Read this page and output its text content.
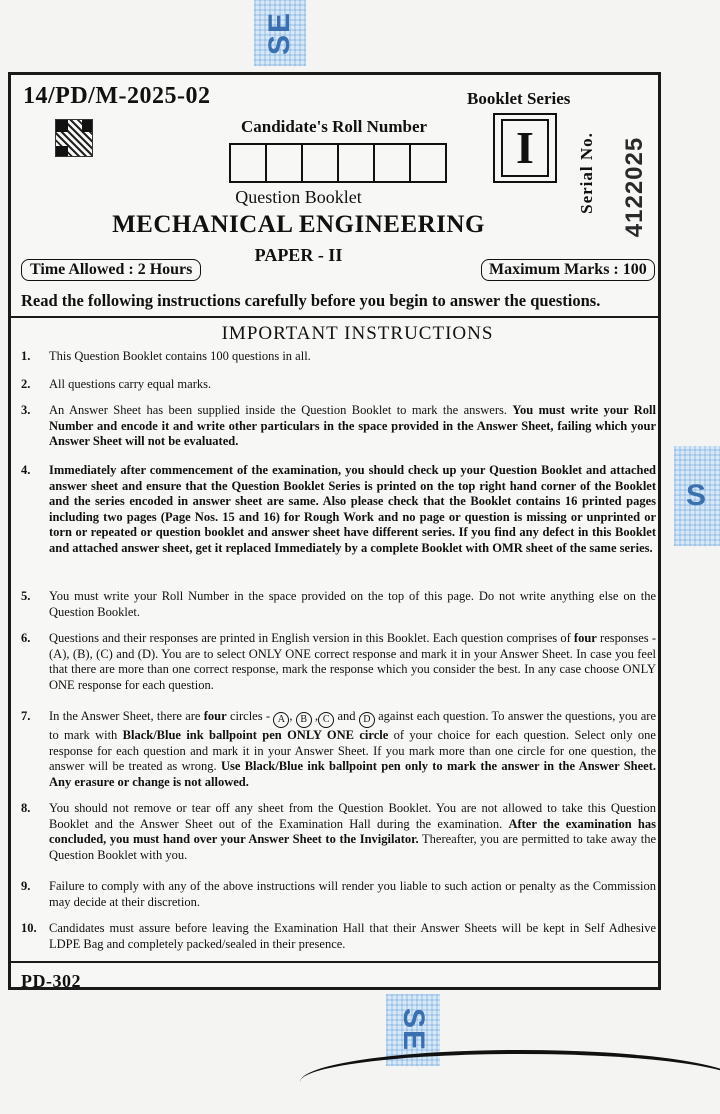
SE
S
SE
14/PD/M-2025-02	Booklet Series
Candidate's Roll Number	I	Serial No. 4122025
Question Booklet
MECHANICAL ENGINEERING
PAPER - II
Time Allowed : 2 Hours	Maximum Marks : 100
Read the following instructions carefully before you begin to answer the questions.
IMPORTANT INSTRUCTIONS
1. This Question Booklet contains 100 questions in all.
2. All questions carry equal marks.
3. An Answer Sheet has been supplied inside the Question Booklet to mark the answers. You must write your Roll Number and encode it and write other particulars in the space provided in the Answer Sheet, failing which your Answer Sheet will not be evaluated.
4. Immediately after commencement of the examination, you should check up your Question Booklet and attached answer sheet and ensure that the Question Booklet Series is printed on the top right hand corner of the Booklet and the series encoded in answer sheet are same. Also please check that the Booklet contains 16 printed pages including two pages (Page Nos. 15 and 16) for Rough Work and no page or question is missing or unprinted or torn or repeated or question booklet and answer sheet have different series. If you find any defect in this Booklet and attached answer sheet, get it replaced Immediately by a complete Booklet with OMR sheet of the same series.
5. You must write your Roll Number in the space provided on the top of this page. Do not write anything else on the Question Booklet.
6. Questions and their responses are printed in English version in this Booklet. Each question comprises of four responses - (A), (B), (C) and (D). You are to select ONLY ONE correct response and mark it in your Answer Sheet. In case you feel that there are more than one correct response, mark the response which you consider the best. In any case choose ONLY ONE response for each question.
7. In the Answer Sheet, there are four circles - A , B , C and D against each question. To answer the questions, you are to mark with Black/Blue ink ballpoint pen ONLY ONE circle of your choice for each question. Select only one response for each question and mark it in your Answer Sheet. If you mark more than one circle for one question, the answer will be treated as wrong. Use Black/Blue ink ballpoint pen only to mark the answer in the Answer Sheet. Any erasure or change is not allowed.
8. You should not remove or tear off any sheet from the Question Booklet. You are not allowed to take this Question Booklet and the Answer Sheet out of the Examination Hall during the examination. After the examination has concluded, you must hand over your Answer Sheet to the Invigilator. Thereafter, you are permitted to take away the Question Booklet with you.
9. Failure to comply with any of the above instructions will render you liable to such action or penalty as the Commission may decide at their discretion.
10. Candidates must assure before leaving the Examination Hall that their Answer Sheets will be kept in Self Adhesive LDPE Bag and completely packed/sealed in their presence.
PD-302
